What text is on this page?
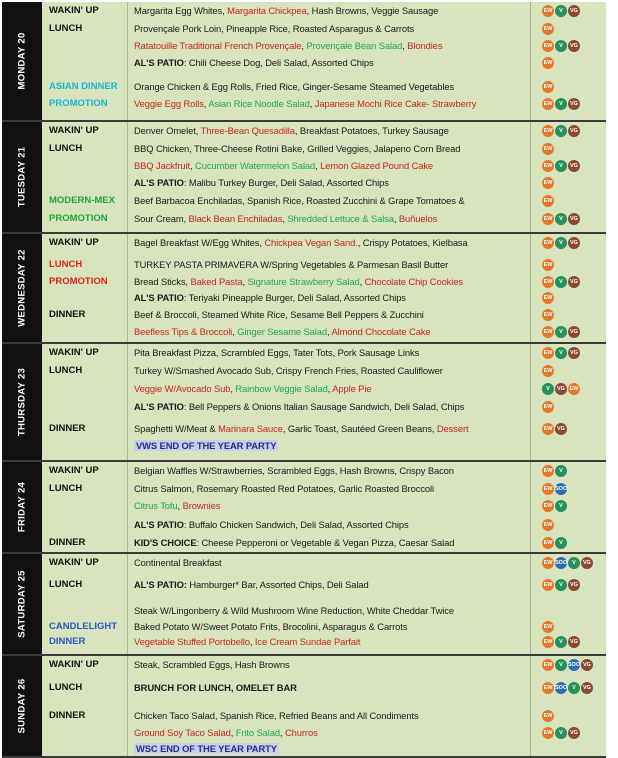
MONDAY 20
WAKIN' UP	Margarita Egg Whites, Margarita Chickpea, Hash Browns, Veggie Sausage	EW V VG
LUNCH	Provençale Pork Loin, Pineapple Rice, Roasted Asparagus & Carrots	EW
Ratatouille Traditional French Provençale, Provençale Bean Salad, Blondies	EW V VG
AL'S PATIO: Chili Cheese Dog, Deli Salad, Assorted Chips	EW
ASIAN DINNER Orange Chicken & Egg Rolls, Fried Rice, Ginger-Sesame Steamed Vegetables	EW
PROMOTION	Veggie Egg Rolls, Asian Rice Noodle Salad, Japanese Mochi Rice Cake- Strawberry	EW V VG
TUESDAY 21
WAKIN' UP	Denver Omelet, Three-Bean Quesadilla, Breakfast Potatoes, Turkey Sausage	EW V VG
LUNCH	BBQ Chicken, Three-Cheese Rotini Bake, Grilled Veggies, Jalapeno Corn Bread	EW
BBQ Jackfruit, Cucumber Watermelon Salad, Lemon Glazed Pound Cake	EW V VG
AL'S PATIO: Malibu Turkey Burger, Deli Salad, Assorted Chips	EW
MODERN-MEX Beef Barbacoa Enchiladas, Spanish Rice, Roasted Zucchini & Grape Tomatoes &	EW
PROMOTION	Sour Cream, Black Bean Enchiladas, Shredded Lettuce & Salsa, Buñuelos	EW V VG
WEDNESDAY 22
WAKIN' UP	Bagel Breakfast W/Egg Whites, Chickpea Vegan Sand., Crispy Potatoes, Kielbasa	EW V VG
LUNCH	TURKEY PASTA PRIMAVERA W/Spring Vegetables & Parmesan Basil Butter	EW
PROMOTION	Bread Sticks, Baked Pasta, Signature Strawberry Salad, Chocolate Chip Cookies	EW V VG
AL'S PATIO: Teriyaki Pineapple Burger, Deli Salad, Assorted Chips	EW
DINNER	Beef & Broccoli, Steamed White Rice, Sesame Bell Peppers & Zucchini	EW
Beefless Tips & Broccoli, Ginger Sesame Salad, Almond Chocolate Cake	EW V VG
THURSDAY 23
WAKIN' UP	Pita Breakfast Pizza, Scrambled Eggs, Tater Tots, Pork Sausage Links	EW V VG
LUNCH	Turkey W/Smashed Avocado Sub, Crispy French Fries, Roasted Cauliflower	EW
Veggie W/Avocado Sub, Rainbow Veggie Salad, Apple Pie	V VG EW
AL'S PATIO: Bell Peppers & Onions Italian Sausage Sandwich, Deli Salad, Chips	EW
DINNER	Spaghetti W/Meat & Marinara Sauce, Garlic Toast, Sautéed Green Beans, Dessert	EW VG
VWS END OF THE YEAR PARTY
FRIDAY 24
WAKIN' UP	Belgian Waffles W/Strawberries, Scrambled Eggs, Hash Browns, Crispy Bacon	EW V
LUNCH	Citrus Salmon, Rosemary Roasted Red Potatoes, Garlic Roasted Broccoli	EW SOO
Citrus Tofu, Brownies	EW V
AL'S PATIO: Buffalo Chicken Sandwich, Deli Salad, Assorted Chips	EW
DINNER	KID'S CHOICE: Cheese Pepperoni or Vegetable & Vegan Pizza, Caesar Salad	EW V
SATURDAY 25
WAKIN' UP	Continental Breakfast	EW SOO V VG
LUNCH	AL'S PATIO: Hamburger* Bar, Assorted Chips, Deli Salad	EW V VG
Steak W/Lingonberry & Wild Mushroom Wine Reduction, White Cheddar Twice
CANDLELIGHT Baked Potato W/Sweet Potato Frits, Brocolini, Asparagus & Carrots	EW
DINNER	Vegetable Stuffed Portobello, Ice Cream Sundae Parfait	EW V VG
SUNDAY 26
WAKIN' UP	Steak, Scrambled Eggs, Hash Browns	EW V SOO VG
LUNCH	BRUNCH FOR LUNCH, OMELET BAR	EW SOO V VG
DINNER	Chicken Taco Salad, Spanish Rice, Refried Beans and All Condiments	EW
Ground Soy Taco Salad, Frito Salad, Churros	EW V VG
WSC END OF THE YEAR PARTY
